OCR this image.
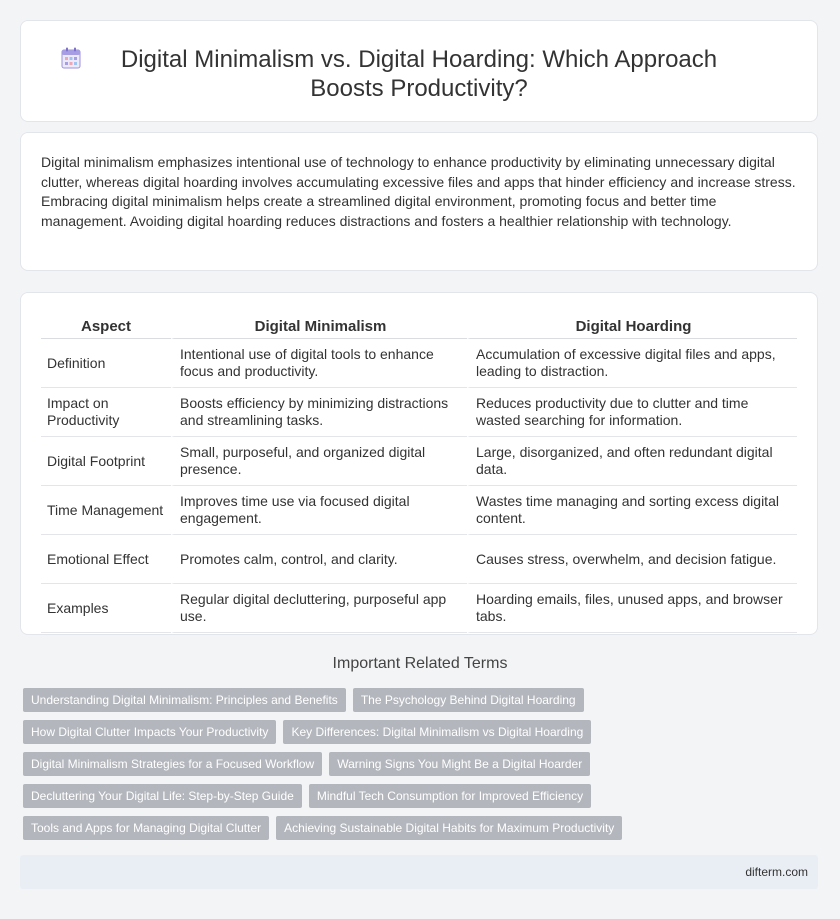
Digital Minimalism vs. Digital Hoarding: Which Approach Boosts Productivity?

Digital minimalism emphasizes intentional use of technology to enhance productivity by eliminating unnecessary digital clutter, whereas digital hoarding involves accumulating excessive files and apps that hinder efficiency and increase stress. Embracing digital minimalism helps create a streamlined digital environment, promoting focus and better time management. Avoiding digital hoarding reduces distractions and fosters a healthier relationship with technology.

Aspect	Digital Minimalism	Digital Hoarding
Definition	Intentional use of digital tools to enhance focus and productivity.	Accumulation of excessive digital files and apps, leading to distraction.
Impact on Productivity	Boosts efficiency by minimizing distractions and streamlining tasks.	Reduces productivity due to clutter and time wasted searching for information.
Digital Footprint	Small, purposeful, and organized digital presence.	Large, disorganized, and often redundant digital data.
Time Management	Improves time use via focused digital engagement.	Wastes time managing and sorting excess digital content.
Emotional Effect	Promotes calm, control, and clarity.	Causes stress, overwhelm, and decision fatigue.
Examples	Regular digital decluttering, purposeful app use.	Hoarding emails, files, unused apps, and browser tabs.
Important Related Terms
Understanding Digital Minimalism: Principles and Benefits The Psychology Behind Digital Hoarding
How Digital Clutter Impacts Your Productivity Key Differences: Digital Minimalism vs Digital Hoarding
Digital Minimalism Strategies for a Focused Workflow Warning Signs You Might Be a Digital Hoarder
Decluttering Your Digital Life: Step-by-Step Guide Mindful Tech Consumption for Improved Efficiency
Tools and Apps for Managing Digital Clutter Achieving Sustainable Digital Habits for Maximum Productivity
difterm.com
